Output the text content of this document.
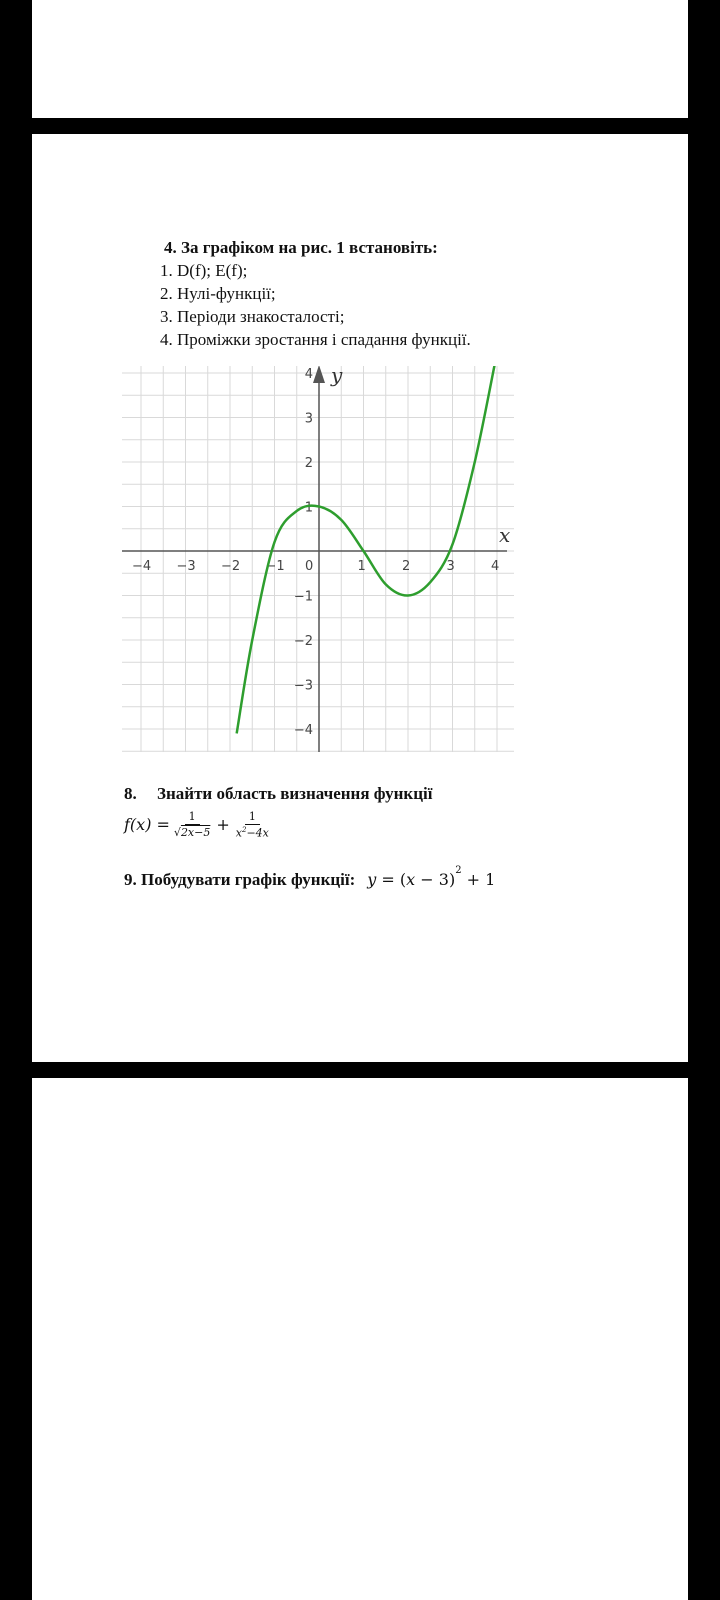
4. За графіком на рис. 1 встановіть:
1. D(f); E(f);
2. Нулі-функції;
3. Періоди знакосталості;
4. Проміжки зростання і спадання функції.
x
y
−4 −3 −2 −1 0	1	2	3	4
4
3
2
1
−1
−2
−3
−4
8. Знайти область визначення функції
$f(x) = \frac{1}{√2x-5} + \frac{1}{x^2-4x}$
9. Побудувати графік функції: $y = (x - 3)^2 + 1$
